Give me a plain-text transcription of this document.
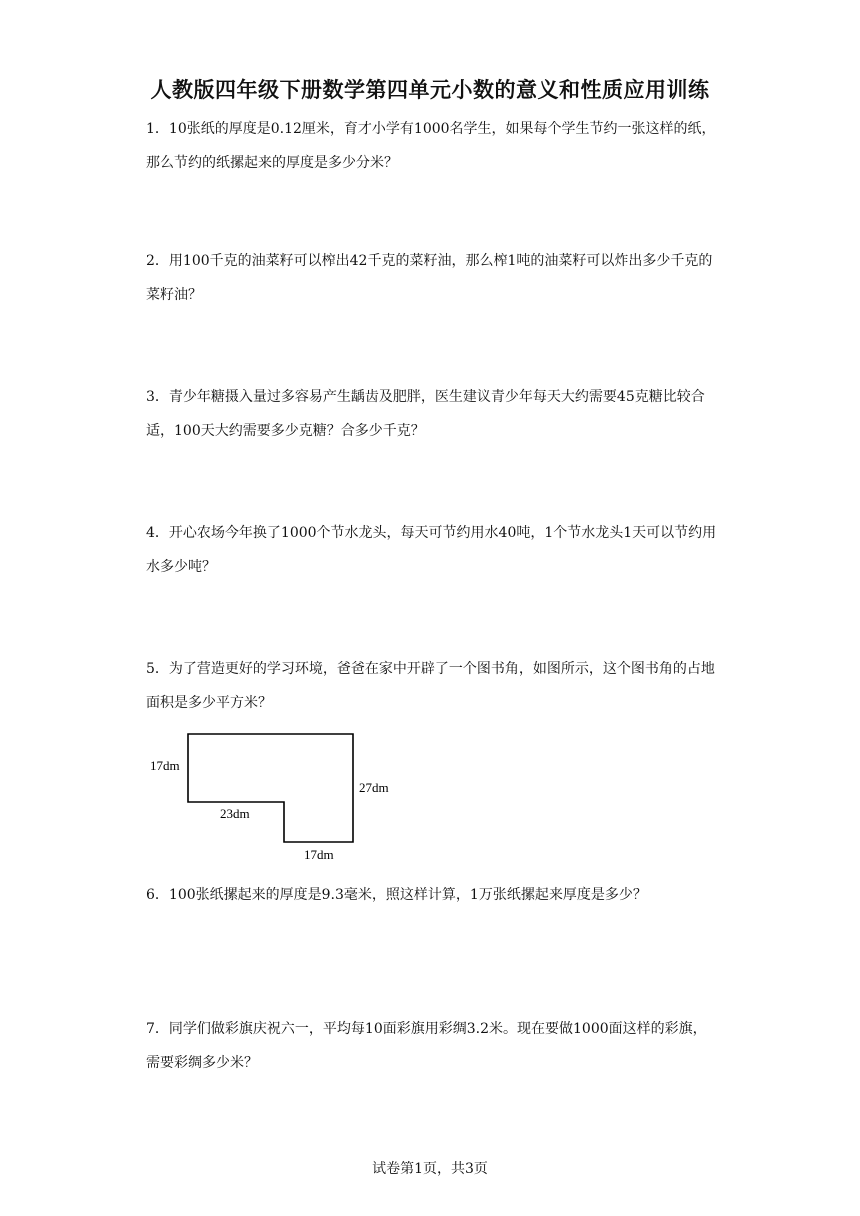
人教版四年级下册数学第四单元小数的意义和性质应用训练
1．10张纸的厚度是0.12厘米，育才小学有1000名学生，如果每个学生节约一张这样的纸，那么节约的纸摞起来的厚度是多少分米？
2．用100千克的油菜籽可以榨出42千克的菜籽油，那么榨1吨的油菜籽可以炸出多少千克的菜籽油？
3．青少年糖摄入量过多容易产生龋齿及肥胖，医生建议青少年每天大约需要45克糖比较合适，100天大约需要多少克糖？合多少千克？
4．开心农场今年换了1000个节水龙头，每天可节约用水40吨，1个节水龙头1天可以节约用水多少吨？
5．为了营造更好的学习环境，爸爸在家中开辟了一个图书角，如图所示，这个图书角的占地面积是多少平方米？
17dm
27dm
23dm
17dm
6．100张纸摞起来的厚度是9.3毫米，照这样计算，1万张纸摞起来厚度是多少？
7．同学们做彩旗庆祝六一，平均每10面彩旗用彩绸3.2米。现在要做1000面这样的彩旗，需要彩绸多少米？
试卷第1页，共3页
